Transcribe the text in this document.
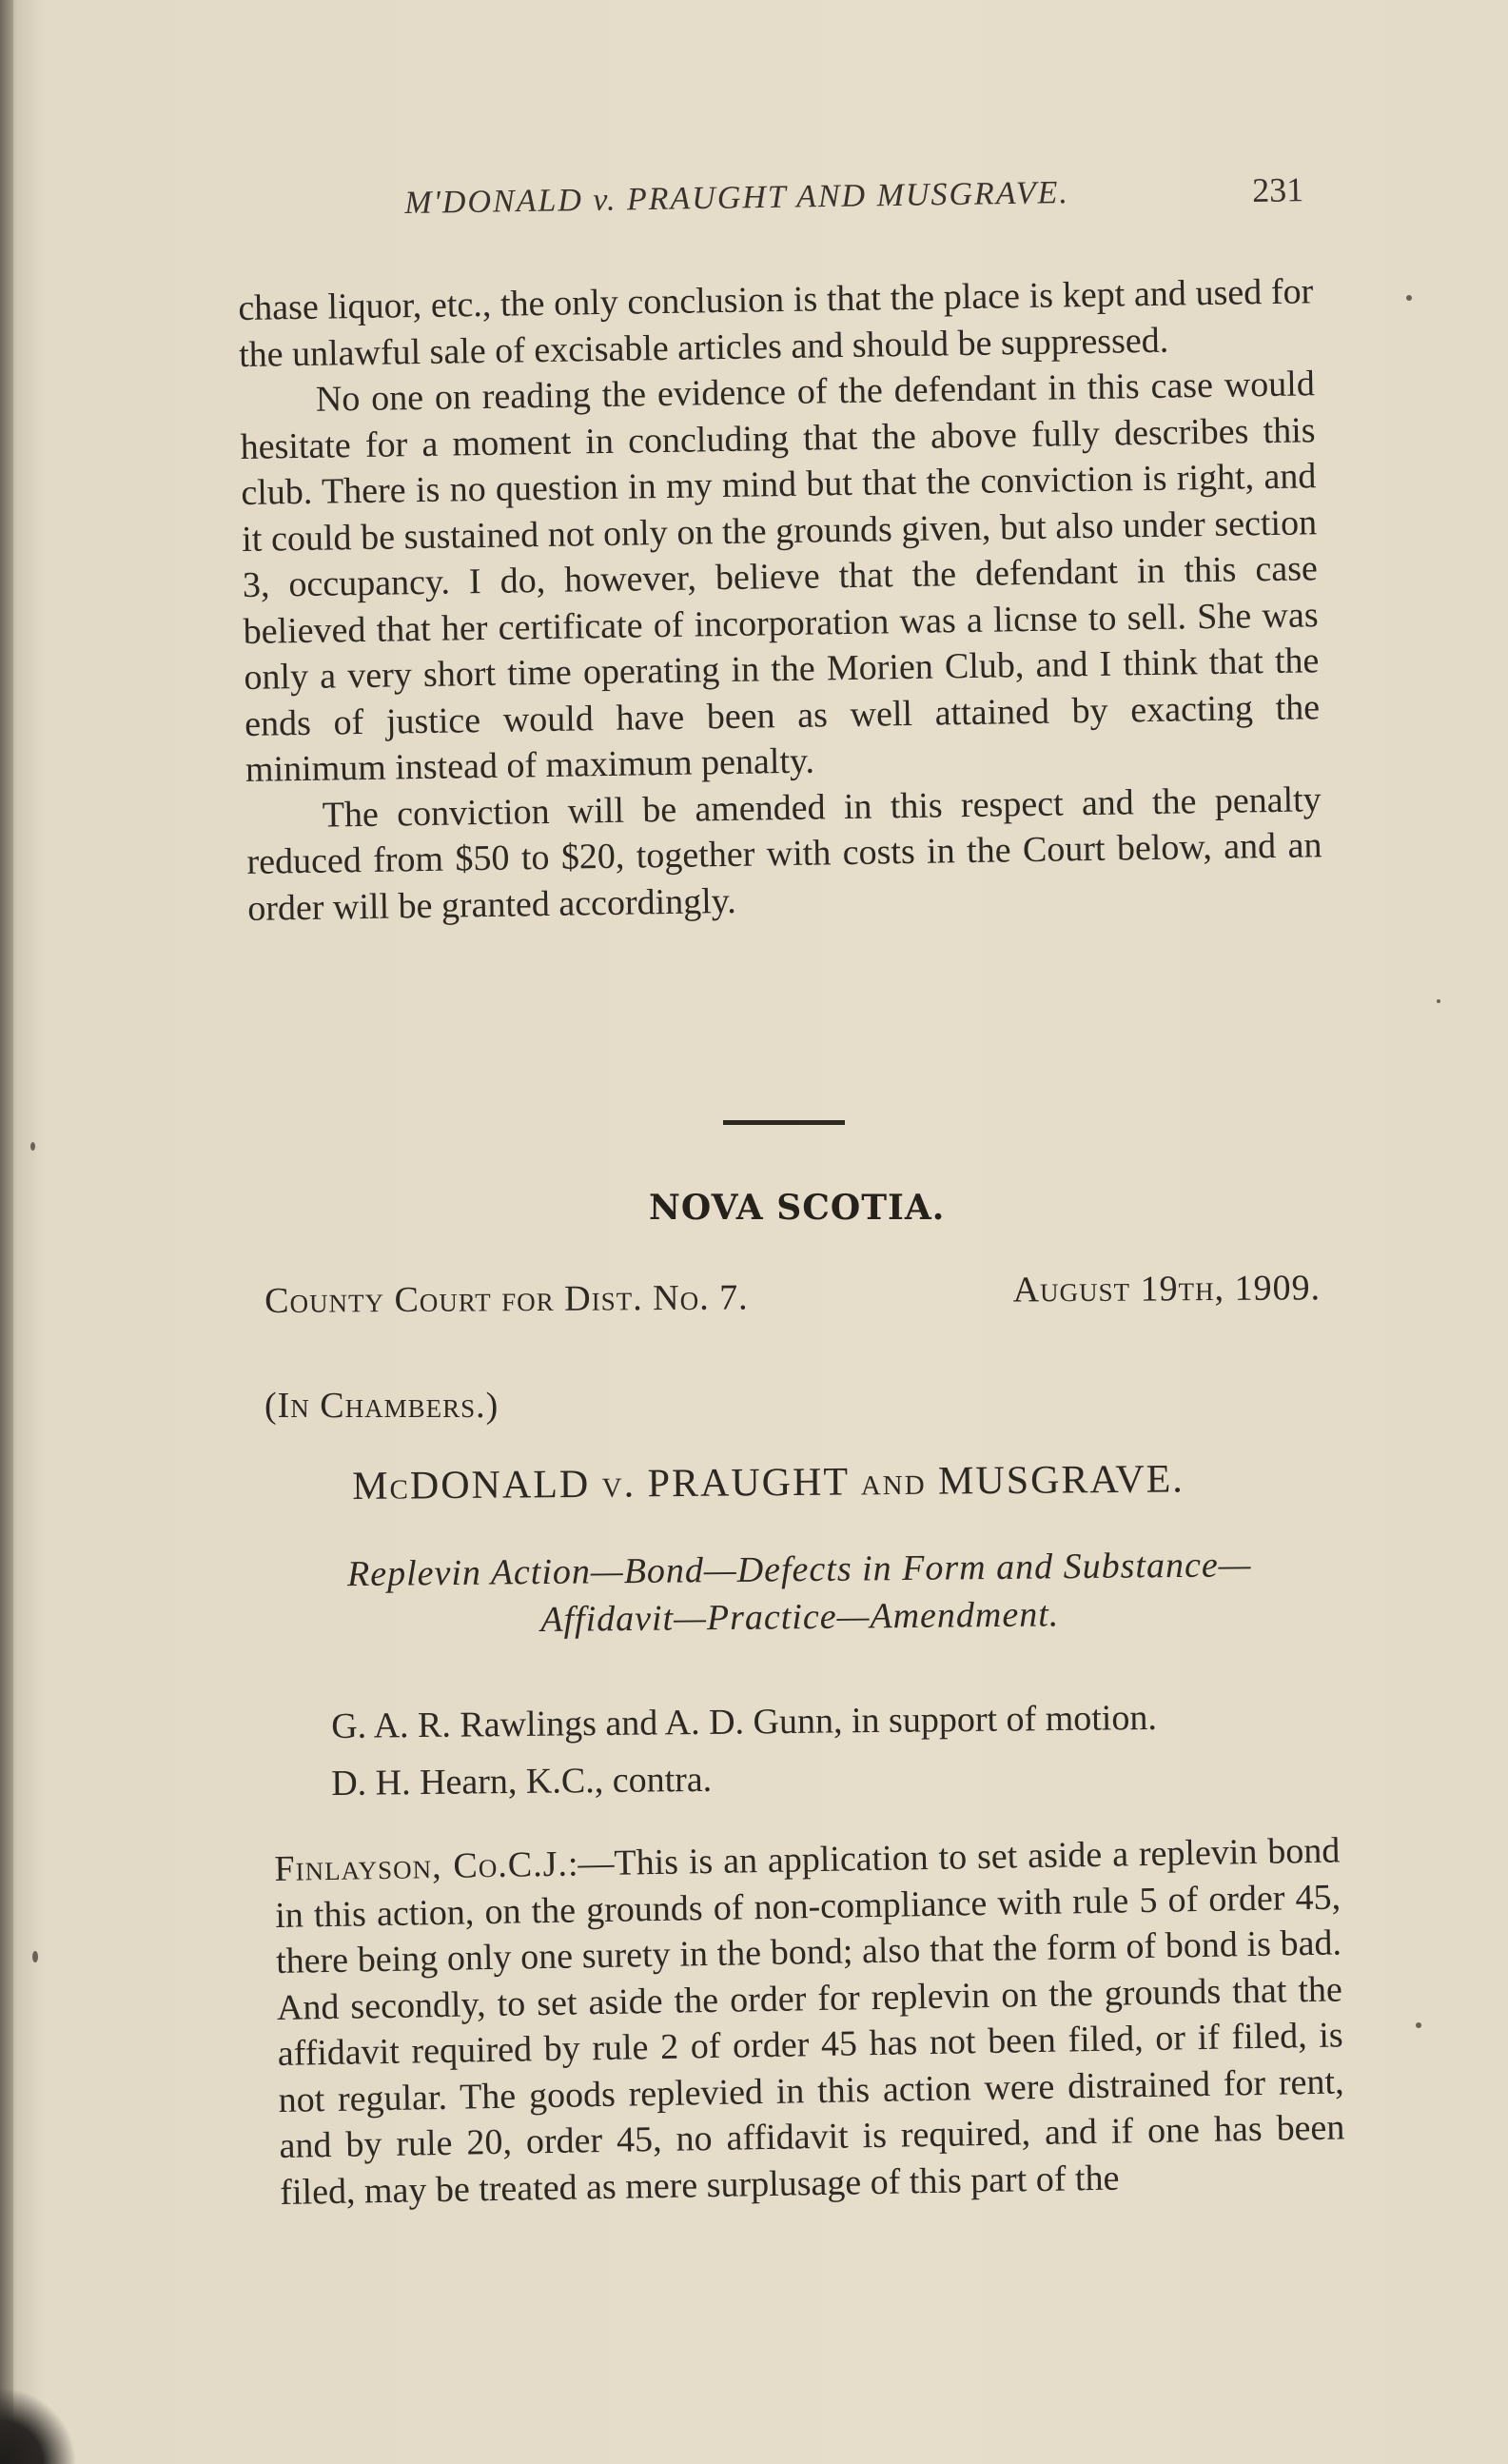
M'DONALD v. PRAUGHT AND MUSGRAVE.	231

chase liquor, etc., the only conclusion is that the place is kept and used for the unlawful sale of excisable articles and should be suppressed.

No one on reading the evidence of the defendant in this case would hesitate for a moment in concluding that the above fully describes this club. There is no question in my mind but that the conviction is right, and it could be sustained not only on the grounds given, but also under section 3, occupancy. I do, however, believe that the defendant in this case believed that her certificate of incorporation was a licnse to sell. She was only a very short time operating in the Morien Club, and I think that the ends of justice would have been as well attained by exacting the minimum instead of maximum penalty.

The conviction will be amended in this respect and the penalty reduced from $50 to $20, together with costs in the Court below, and an order will be granted accordingly.

NOVA SCOTIA.
County Court for Dist. No. 7.	August 19th, 1909.
(In Chambers.)
McDONALD v. PRAUGHT and MUSGRAVE.
Replevin Action—Bond—Defects in Form and Substance—
Affidavit—Practice—Amendment.
G. A. R. Rawlings and A. D. Gunn, in support of motion.
D. H. Hearn, K.C., contra.
Finlayson, Co.C.J.:—This is an application to set aside a replevin bond in this action, on the grounds of non-compliance with rule 5 of order 45, there being only one surety in the bond; also that the form of bond is bad. And secondly, to set aside the order for replevin on the grounds that the affidavit required by rule 2 of order 45 has not been filed, or if filed, is not regular. The goods replevied in this action were distrained for rent, and by rule 20, order 45, no affidavit is required, and if one has been filed, may be treated as mere surplusage of this part of the
